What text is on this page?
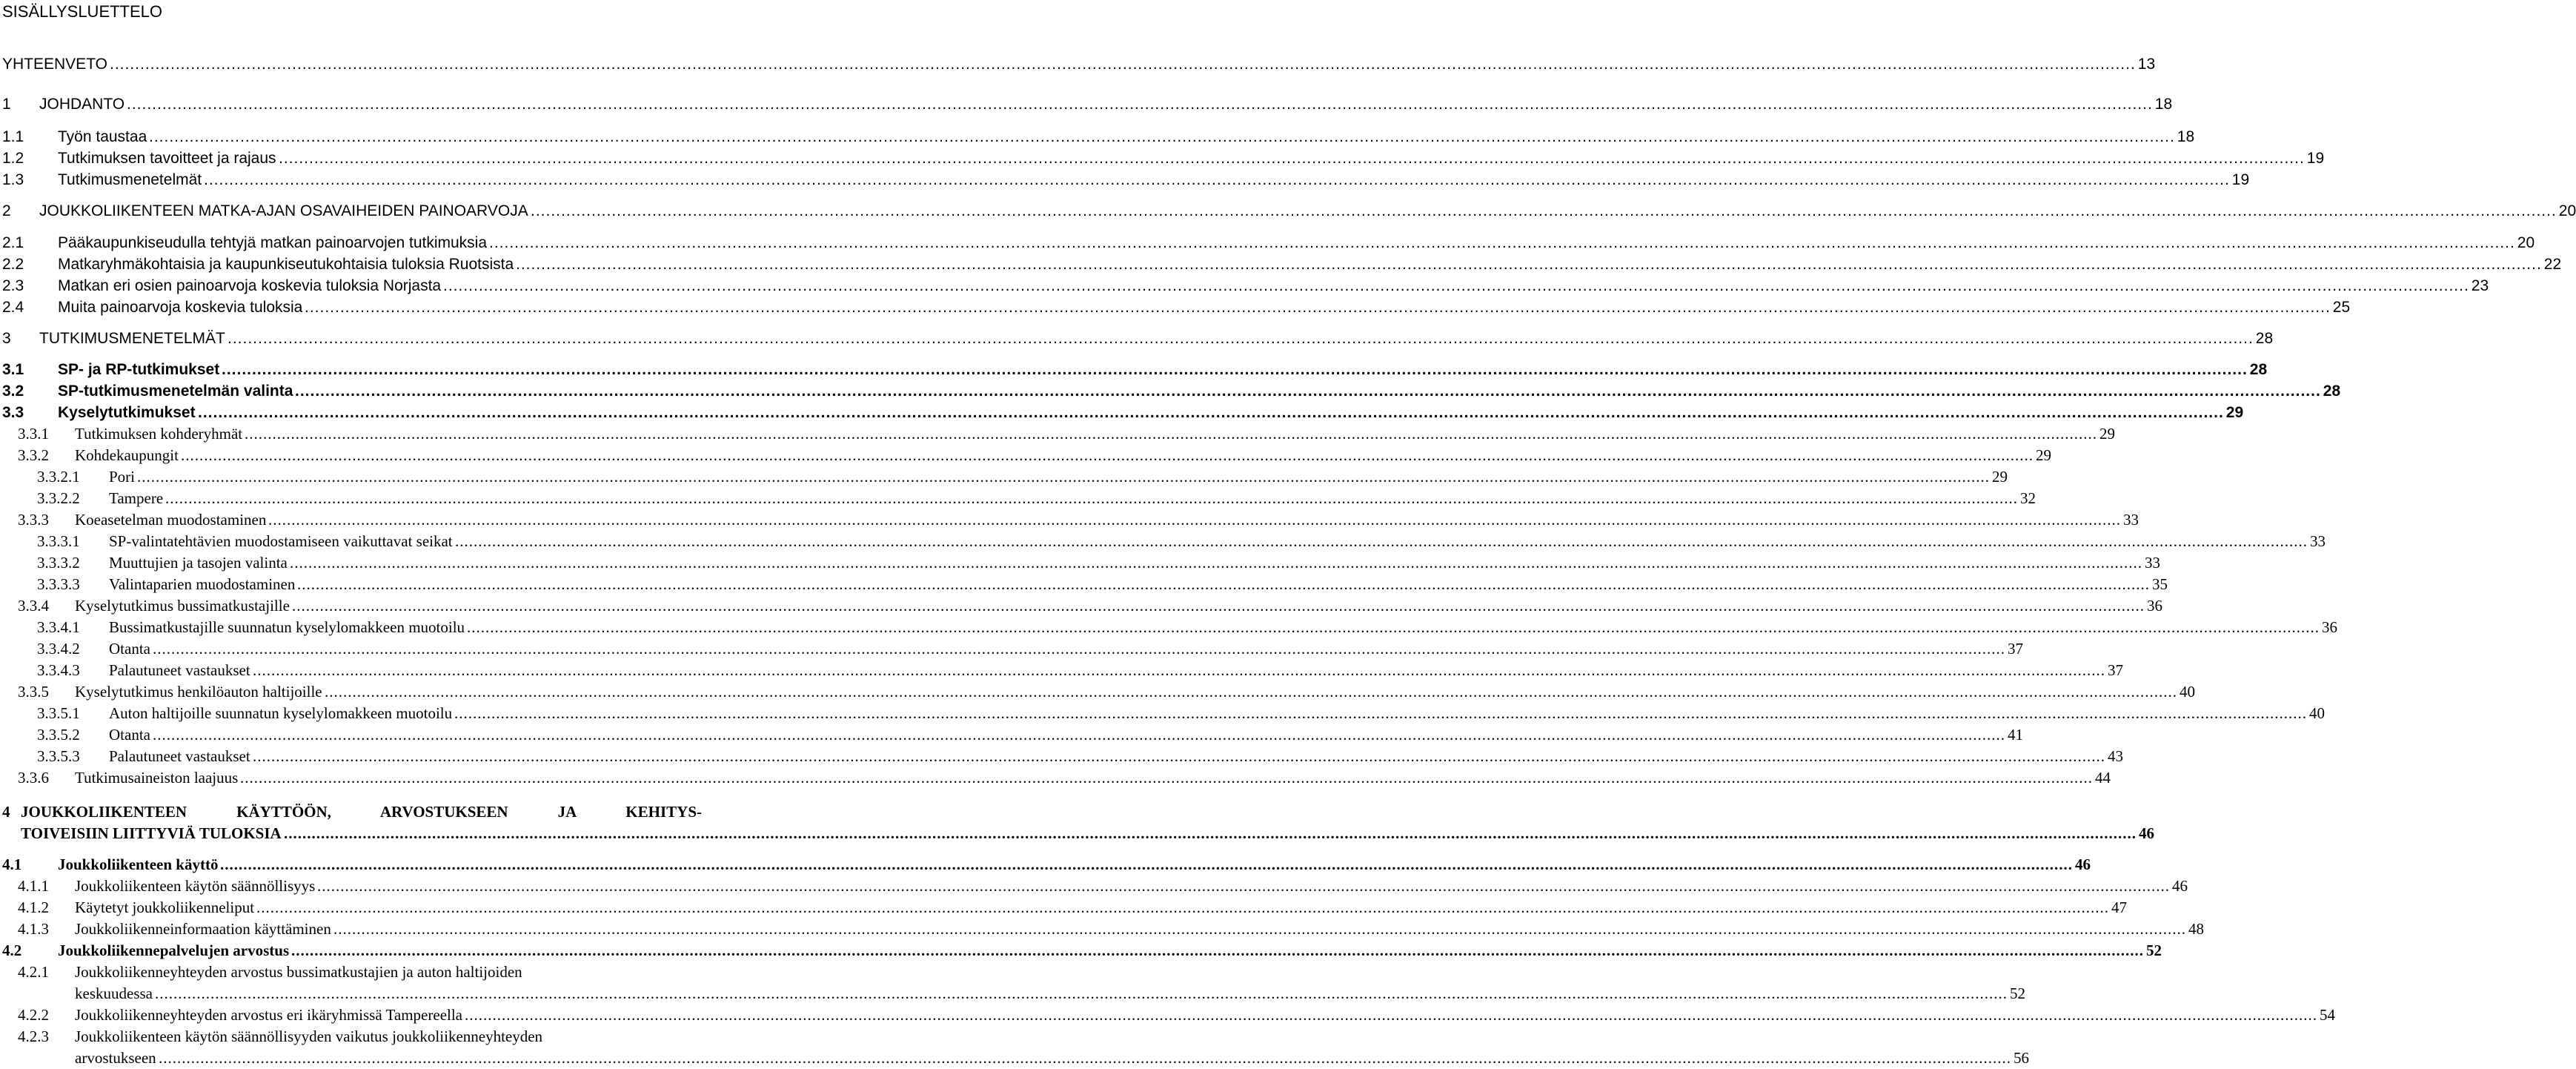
SISÄLLYSLUETTELO
YHTEENVETO ................................................................................................................................................................................................................................................................................................................................................................................................................ 13
1 JOHDANTO ................................................................................................................................................................................................................................................................................................................................................................................................................ 18
1.1 Työn taustaa ................................................................................................................................................................................................................................................................................................................................................................................................................ 18
1.2 Tutkimuksen tavoitteet ja rajaus ................................................................................................................................................................................................................................................................................................................................................................................................................ 19
1.3 Tutkimusmenetelmät ................................................................................................................................................................................................................................................................................................................................................................................................................ 19
2 JOUKKOLIIKENTEEN MATKA-AJAN OSAVAIHEIDEN PAINOARVOJA ................................................................................................................................................................................................................................................................................................................................................................................................................ 20
2.1 Pääkaupunkiseudulla tehtyjä matkan painoarvojen tutkimuksia ................................................................................................................................................................................................................................................................................................................................................................................................................ 20
2.2 Matkaryhmäkohtaisia ja kaupunkiseutukohtaisia tuloksia Ruotsista ................................................................................................................................................................................................................................................................................................................................................................................................................ 22
2.3 Matkan eri osien painoarvoja koskevia tuloksia Norjasta ................................................................................................................................................................................................................................................................................................................................................................................................................ 23
2.4 Muita painoarvoja koskevia tuloksia ................................................................................................................................................................................................................................................................................................................................................................................................................ 25
3 TUTKIMUSMENETELMÄT ................................................................................................................................................................................................................................................................................................................................................................................................................ 28
3.1 SP- ja RP-tutkimukset ................................................................................................................................................................................................................................................................................................................................................................................................................ 28
3.2 SP-tutkimusmenetelmän valinta ................................................................................................................................................................................................................................................................................................................................................................................................................ 28
3.3 Kyselytutkimukset ................................................................................................................................................................................................................................................................................................................................................................................................................ 29
3.3.1 Tutkimuksen kohderyhmät ................................................................................................................................................................................................................................................................................................................................................................................................................ 29
3.3.2 Kohdekaupungit ................................................................................................................................................................................................................................................................................................................................................................................................................ 29
3.3.2.1 Pori ................................................................................................................................................................................................................................................................................................................................................................................................................ 29
3.3.2.2 Tampere ................................................................................................................................................................................................................................................................................................................................................................................................................ 32
3.3.3 Koeasetelman muodostaminen ................................................................................................................................................................................................................................................................................................................................................................................................................ 33
3.3.3.1 SP-valintatehtävien muodostamiseen vaikuttavat seikat ................................................................................................................................................................................................................................................................................................................................................................................................................ 33
3.3.3.2 Muuttujien ja tasojen valinta ................................................................................................................................................................................................................................................................................................................................................................................................................ 33
3.3.3.3 Valintaparien muodostaminen ................................................................................................................................................................................................................................................................................................................................................................................................................ 35
3.3.4 Kyselytutkimus bussimatkustajille ................................................................................................................................................................................................................................................................................................................................................................................................................ 36
3.3.4.1 Bussimatkustajille suunnatun kyselylomakkeen muotoilu ................................................................................................................................................................................................................................................................................................................................................................................................................ 36
3.3.4.2 Otanta ................................................................................................................................................................................................................................................................................................................................................................................................................ 37
3.3.4.3 Palautuneet vastaukset ................................................................................................................................................................................................................................................................................................................................................................................................................ 37
3.3.5 Kyselytutkimus henkilöauton haltijoille ................................................................................................................................................................................................................................................................................................................................................................................................................ 40
3.3.5.1 Auton haltijoille suunnatun kyselylomakkeen muotoilu ................................................................................................................................................................................................................................................................................................................................................................................................................ 40
3.3.5.2 Otanta ................................................................................................................................................................................................................................................................................................................................................................................................................ 41
3.3.5.3 Palautuneet vastaukset ................................................................................................................................................................................................................................................................................................................................................................................................................ 43
3.3.6 Tutkimusaineiston laajuus ................................................................................................................................................................................................................................................................................................................................................................................................................ 44
4 JOUKKOLIIKENTEEN KÄYTTÖÖN, ARVOSTUKSEEN JA KEHITYS-
TOIVEISIIN LIITTYVIÄ TULOKSIA ................................................................................................................................................................................................................................................................................................................................................................................................................ 46
4.1 Joukkoliikenteen käyttö ................................................................................................................................................................................................................................................................................................................................................................................................................ 46
4.1.1 Joukkoliikenteen käytön säännöllisyys ................................................................................................................................................................................................................................................................................................................................................................................................................ 46
4.1.2 Käytetyt joukkoliikenneliput ................................................................................................................................................................................................................................................................................................................................................................................................................ 47
4.1.3 Joukkoliikenneinformaation käyttäminen ................................................................................................................................................................................................................................................................................................................................................................................................................ 48
4.2 Joukkoliikennepalvelujen arvostus ................................................................................................................................................................................................................................................................................................................................................................................................................ 52
4.2.1 Joukkoliikenneyhteyden arvostus bussimatkustajien ja auton haltijoiden
keskuudessa ................................................................................................................................................................................................................................................................................................................................................................................................................ 52
4.2.2 Joukkoliikenneyhteyden arvostus eri ikäryhmissä Tampereella ................................................................................................................................................................................................................................................................................................................................................................................................................ 54
4.2.3 Joukkoliikenteen käytön säännöllisyyden vaikutus joukkoliikenneyhteyden
arvostukseen ................................................................................................................................................................................................................................................................................................................................................................................................................ 56
